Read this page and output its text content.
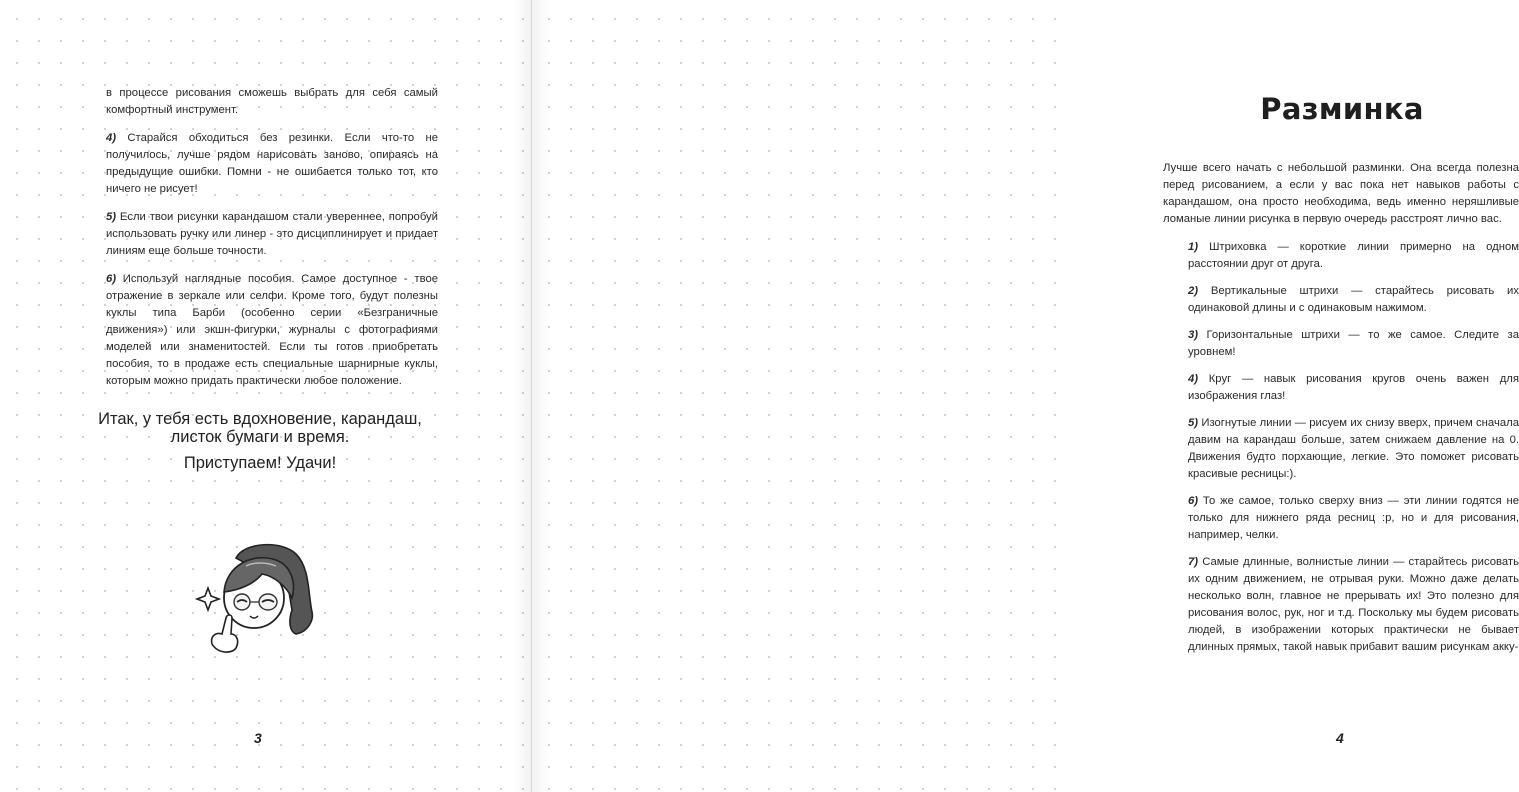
в процессе рисования сможешь выбрать для себя самый комфортный инструмент.

4) Старайся обходиться без резинки. Если что-то не получилось, лучше рядом нарисовать заново, опираясь на предыдущие ошибки. Помни - не ошибается только тот, кто ничего не рисует!

5) Если твои рисунки карандашом стали увереннее, попробуй использовать ручку или линер - это дисциплинирует и придает линиям еще больше точности.

6) Используй наглядные пособия. Самое доступное - твое отражение в зеркале или селфи. Кроме того, будут полезны куклы типа Барби (особенно серии «Безграничные движения») или экшн-фигурки, журналы с фотографиями моделей или знаменитостей. Если ты готов приобретать пособия, то в продаже есть специальные шарнирные куклы, которым можно придать практически любое положение.

Итак, у тебя есть вдохновение, карандаш, листок бумаги и время.

Приступаем! Удачи!

3
Разминка

Лучше всего начать с небольшой разминки. Она всегда полезна перед рисованием, а если у вас пока нет навыков работы с карандашом, она просто необходима, ведь именно неряшливые ломаные линии рисунка в первую очередь расстроят лично вас.

1) Штриховка — короткие линии примерно на одном расстоянии друг от друга.

2) Вертикальные штрихи — старайтесь рисовать их одинаковой длины и с одинаковым нажимом.

3) Горизонтальные штрихи — то же самое. Следите за уровнем!

4) Круг — навык рисования кругов очень важен для изображения глаз!

5) Изогнутые линии — рисуем их снизу вверх, причем сначала давим на карандаш больше, затем снижаем давление на 0. Движения будто порхающие, легкие. Это поможет рисовать красивые ресницы:).

6) То же самое, только сверху вниз — эти линии годятся не только для нижнего ряда ресниц :р, но и для рисования, например, челки.

7) Самые длинные, волнистые линии — старайтесь рисовать их одним движением, не отрывая руки. Можно даже делать несколько волн, главное не прерывать их! Это полезно для рисования волос, рук, ног и т.д. Поскольку мы будем рисовать людей, в изображении которых практически не бывает длинных прямых, такой навык прибавит вашим рисункам акку-

4
